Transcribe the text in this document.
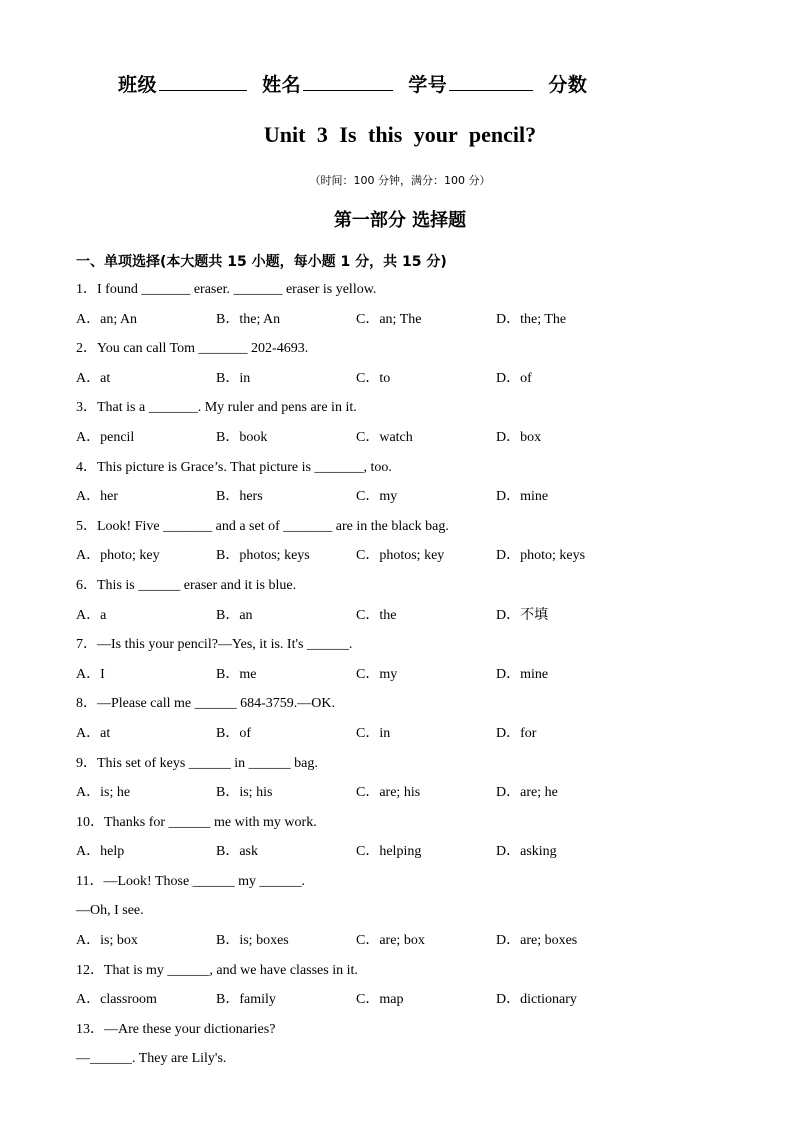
班级	姓名	学号	分数
Unit 3 Is this your pencil?
（时间：100 分钟，满分：100 分）
第一部分 选择题
一、单项选择(本大题共 15 小题，每小题 1 分，共 15 分)
1．I found _______ eraser. _______ eraser is yellow.
A．an; An	B．the; An	C．an; The	D．the; The
2．You can call Tom _______ 202-4693.
A．at	B．in	C．to	D．of
3．That is a _______. My ruler and pens are in it.
A．pencil	B．book	C．watch	D．box
4．This picture is Grace’s. That picture is _______, too.
A．her	B．hers	C．my	D．mine
5．Look! Five _______ and a set of _______ are in the black bag.
A．photo; key	B．photos; keys	C．photos; key	D．photo; keys
6．This is ______ eraser and it is blue.
A．a	B．an	C．the	D．不填
7．—Is this your pencil?—Yes, it is. It's ______.
A．I	B．me	C．my	D．mine
8．—Please call me ______ 684-3759.—OK.
A．at	B．of	C．in	D．for
9．This set of keys ______ in ______ bag.
A．is; he	B．is; his	C．are; his	D．are; he
10．Thanks for ______ me with my work.
A．help	B．ask	C．helping	D．asking
11．—Look! Those ______ my ______.
—Oh, I see.
A．is; box	B．is; boxes	C．are; box	D．are; boxes
12．That is my ______, and we have classes in it.
A．classroom	B．family	C．map	D．dictionary
13．—Are these your dictionaries?
—______. They are Lily's.
